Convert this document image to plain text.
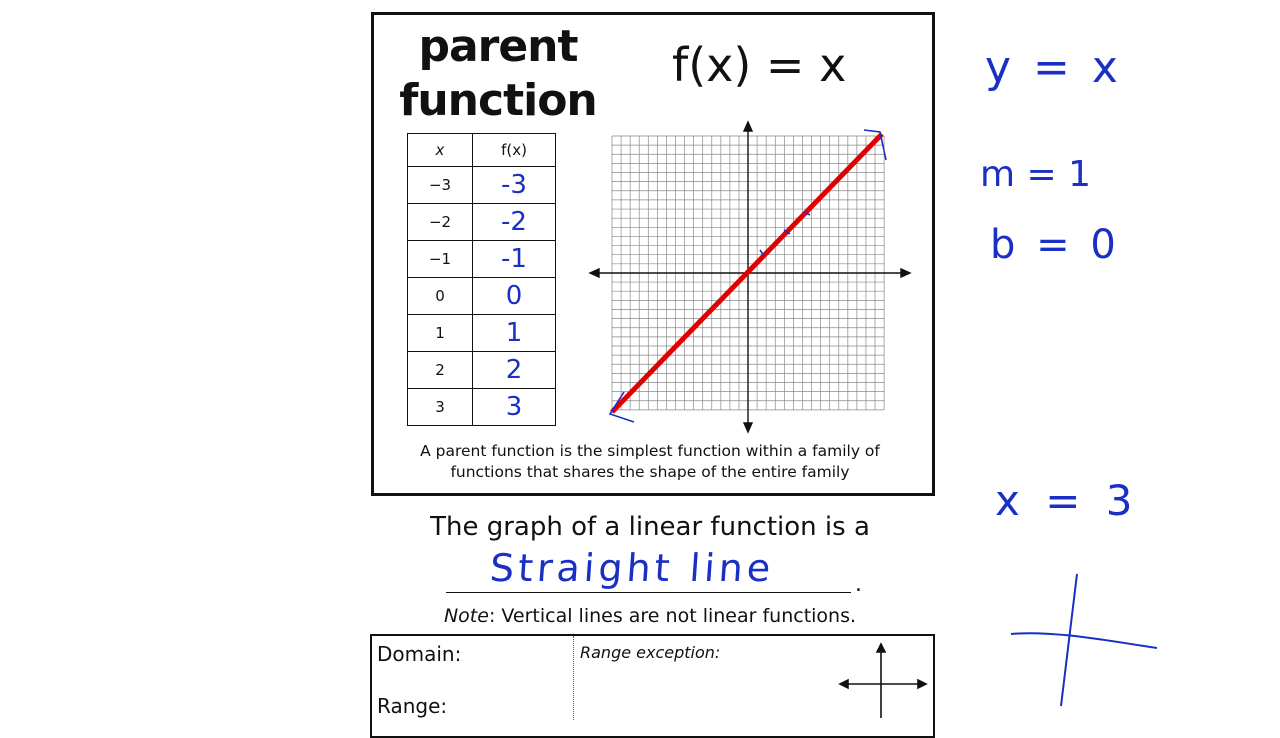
parent
function
f(x) = x
x	f(x)
−3	-3
−2	-2
−1	-1
0	0
1	1
2	2
3	3
A parent function is the simplest function within a family of
functions that shares the shape of the entire family
The graph of a linear function is a
Straight line	.
Note: Vertical lines are not linear functions.
Domain:
Range:
Range exception:
y = x
m = 1
b = 0
x = 3
